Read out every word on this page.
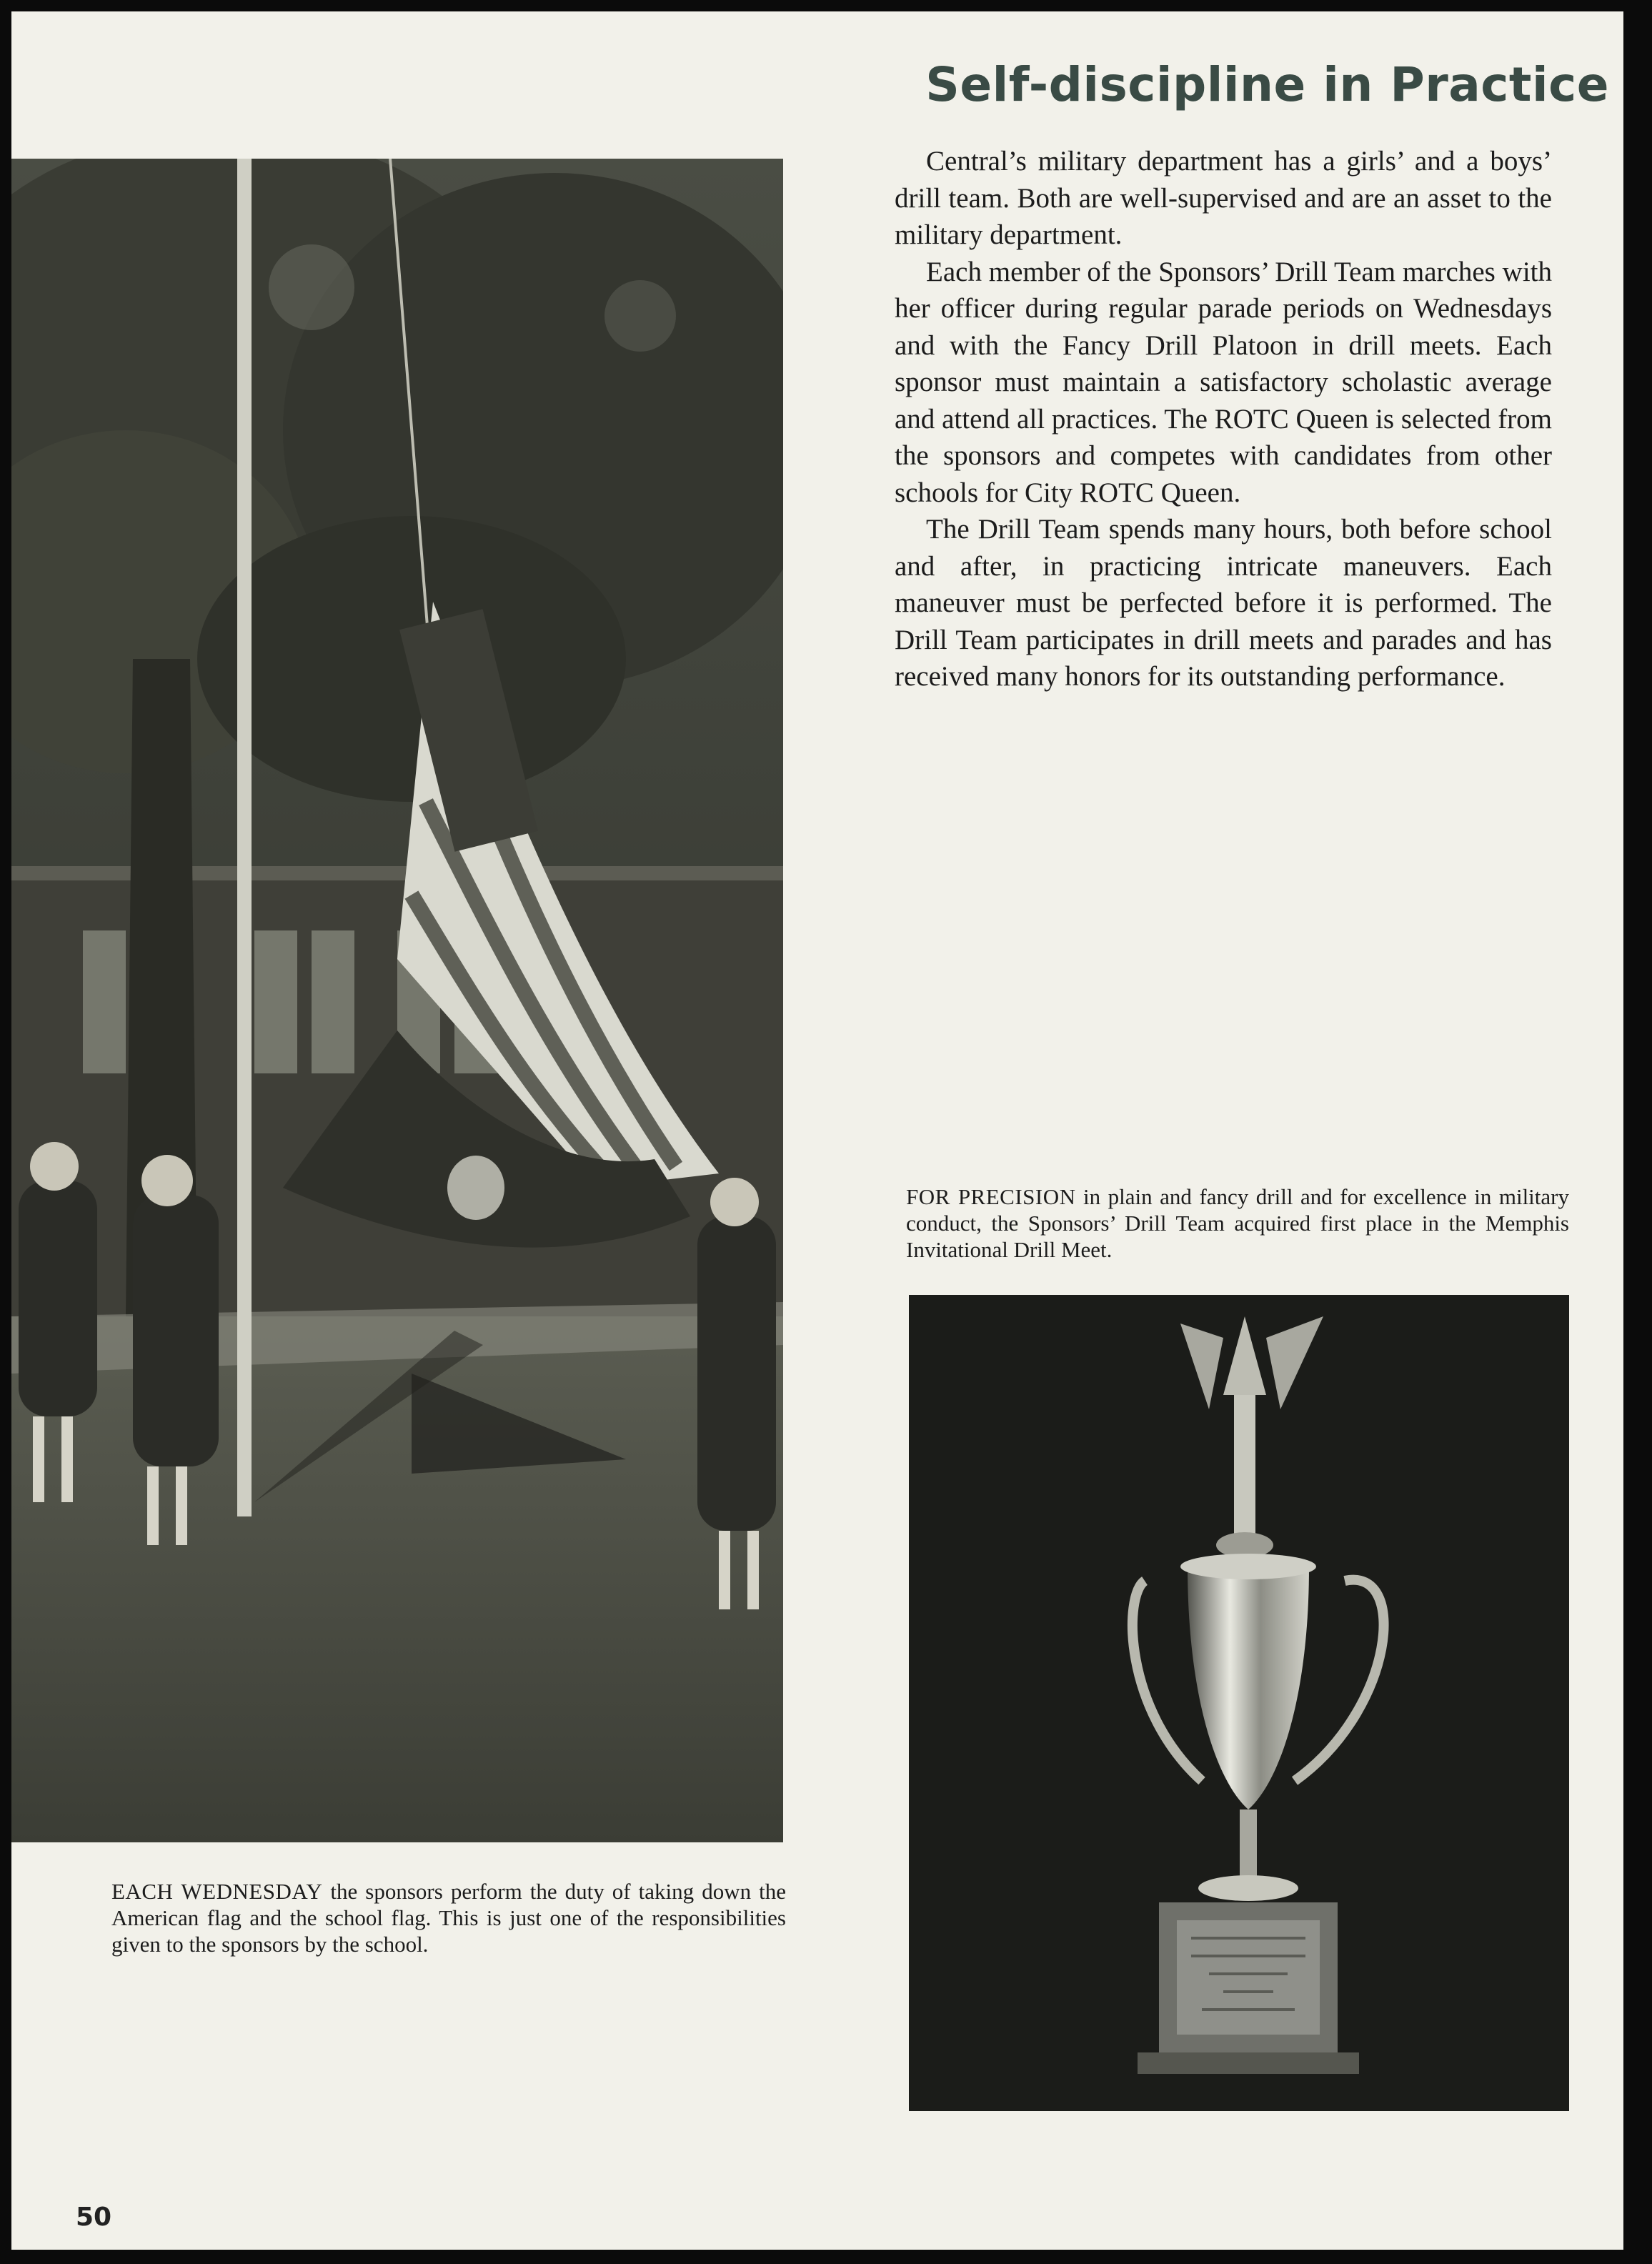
Self-discipline in Practice
EACH WEDNESDAY the sponsors perform the duty of taking down the American flag and the school flag. This is just one of the responsibilities given to the sponsors by the school.

Central’s military department has a girls’ and a boys’ drill team. Both are well-supervised and are an asset to the military department.

Each member of the Sponsors’ Drill Team marches with her officer during regular parade periods on Wednesdays and with the Fancy Drill Platoon in drill meets. Each sponsor must maintain a satisfactory scholastic average and attend all practices. The ROTC Queen is selected from the sponsors and competes with candidates from other schools for City ROTC Queen.

The Drill Team spends many hours, both before school and after, in practicing intricate maneuvers. Each maneuver must be perfected before it is performed. The Drill Team participates in drill meets and parades and has received many honors for its outstanding performance.

FOR PRECISION in plain and fancy drill and for excellence in military conduct, the Sponsors’ Drill Team acquired first place in the Memphis Invitational Drill Meet.
50
